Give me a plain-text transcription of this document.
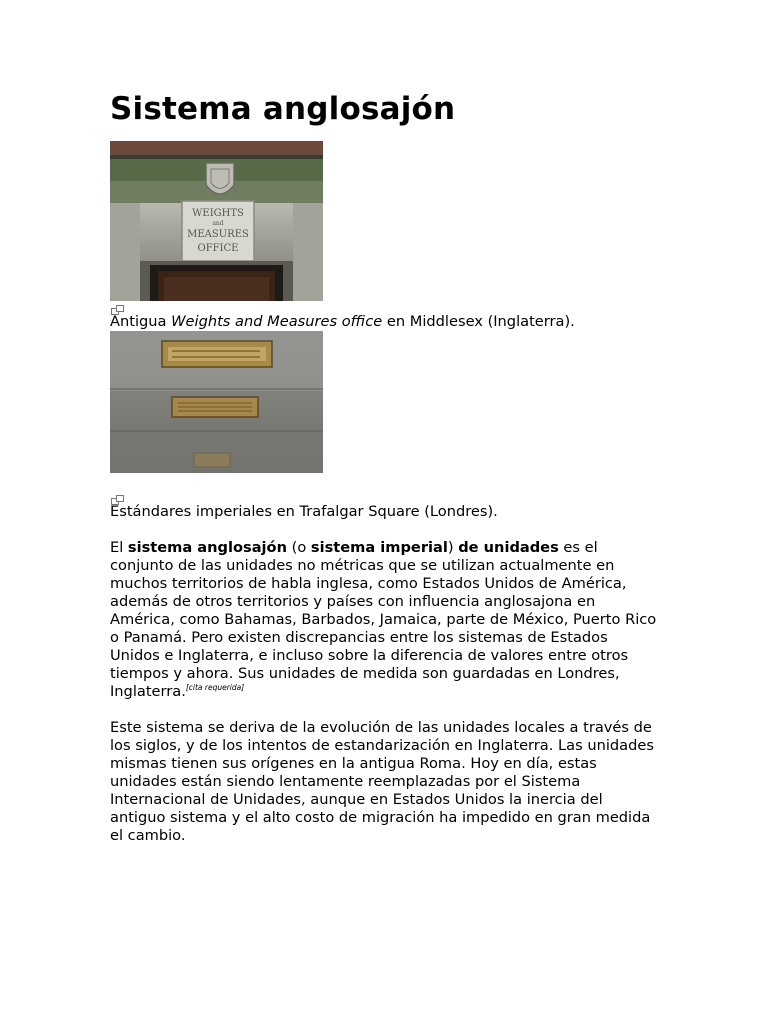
Sistema anglosajón
WEIGHTS
and
MEASURES
OFFICE

Antigua Weights and Measures office en Middlesex (Inglaterra).

Estándares imperiales en Trafalgar Square (Londres).

El sistema anglosajón (o sistema imperial) de unidades es el conjunto de las unidades no métricas que se utilizan actualmente en muchos territorios de habla inglesa, como Estados Unidos de América, además de otros territorios y países con influencia anglosajona en América, como Bahamas, Barbados, Jamaica, parte de México, Puerto Rico o Panamá. Pero existen discrepancias entre los sistemas de Estados Unidos e Inglaterra, e incluso sobre la diferencia de valores entre otros tiempos y ahora. Sus unidades de medida son guardadas en Londres, Inglaterra.[cita requerida]

Este sistema se deriva de la evolución de las unidades locales a través de los siglos, y de los intentos de estandarización en Inglaterra. Las unidades mismas tienen sus orígenes en la antigua Roma. Hoy en día, estas unidades están siendo lentamente reemplazadas por el Sistema Internacional de Unidades, aunque en Estados Unidos la inercia del antiguo sistema y el alto costo de migración ha impedido en gran medida el cambio.
